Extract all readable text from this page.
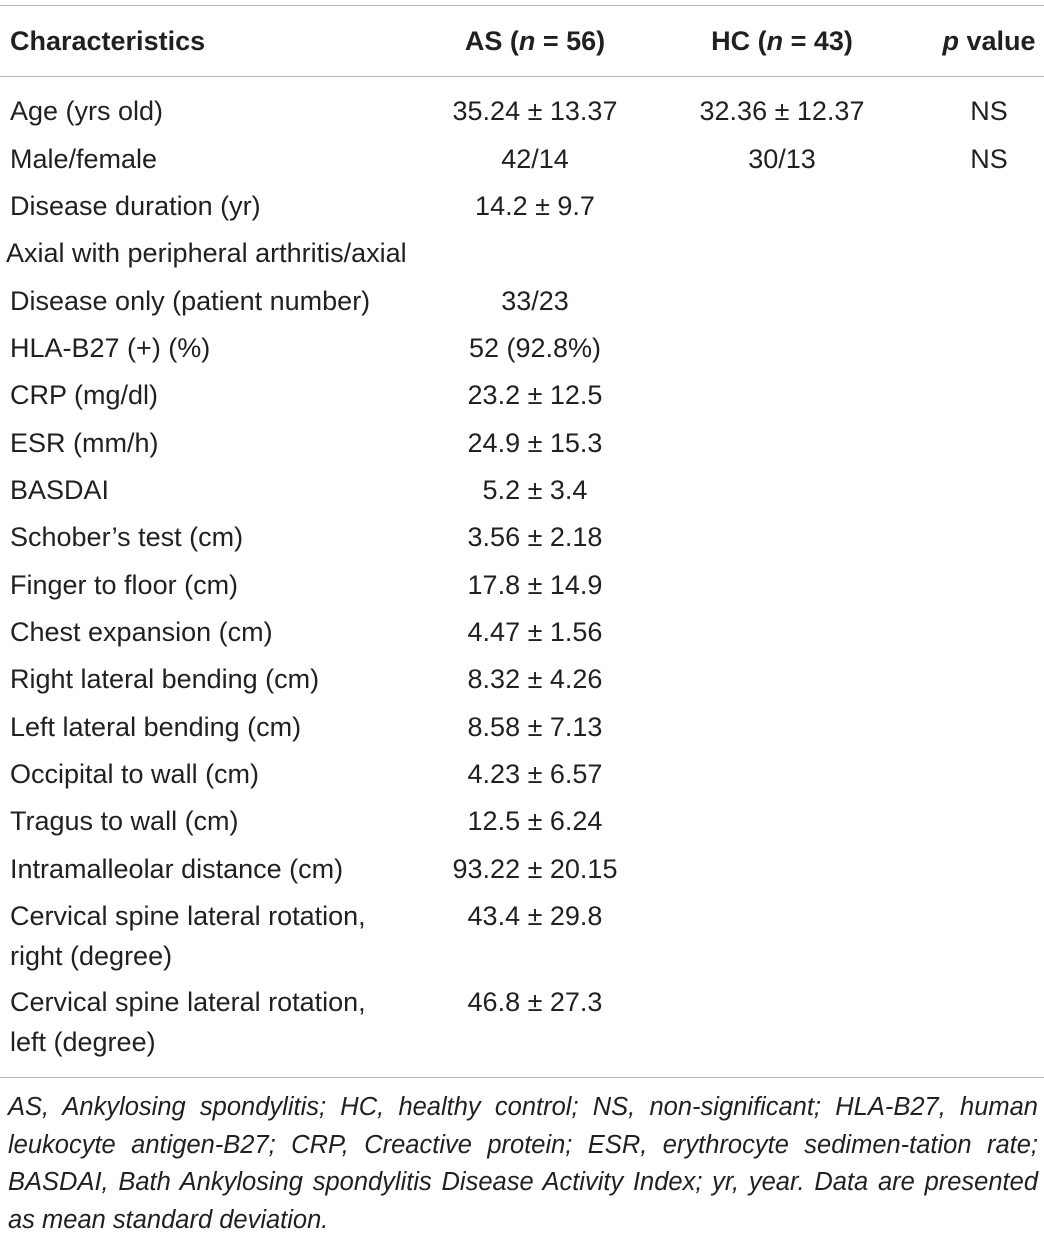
Characteristics	AS (n = 56)	HC (n = 43)	p value
Age (yrs old)	35.24 ± 13.37	32.36 ± 12.37	NS
Male/female	42/14	30/13	NS
Disease duration (yr)	14.2 ± 9.7
Axial with peripheral arthritis/axial
Disease only (patient number)	33/23
HLA-B27 (+) (%)	52 (92.8%)
CRP (mg/dl)	23.2 ± 12.5
ESR (mm/h)	24.9 ± 15.3
BASDAI	5.2 ± 3.4
Schober’s test (cm)	3.56 ± 2.18
Finger to floor (cm)	17.8 ± 14.9
Chest expansion (cm)	4.47 ± 1.56
Right lateral bending (cm)	8.32 ± 4.26
Left lateral bending (cm)	8.58 ± 7.13
Occipital to wall (cm)	4.23 ± 6.57
Tragus to wall (cm)	12.5 ± 6.24
Intramalleolar distance (cm)	93.22 ± 20.15
Cervical spine lateral rotation,	43.4 ± 29.8
right (degree)
Cervical spine lateral rotation,	46.8 ± 27.3
left (degree)
AS, Ankylosing spondylitis; HC, healthy control; NS, non-significant; HLA-B27, human leukocyte antigen-B27; CRP, Creactive protein; ESR, erythrocyte sedimen-tation rate; BASDAI, Bath Ankylosing spondylitis Disease Activity Index; yr, year. Data are presented as mean standard deviation.
